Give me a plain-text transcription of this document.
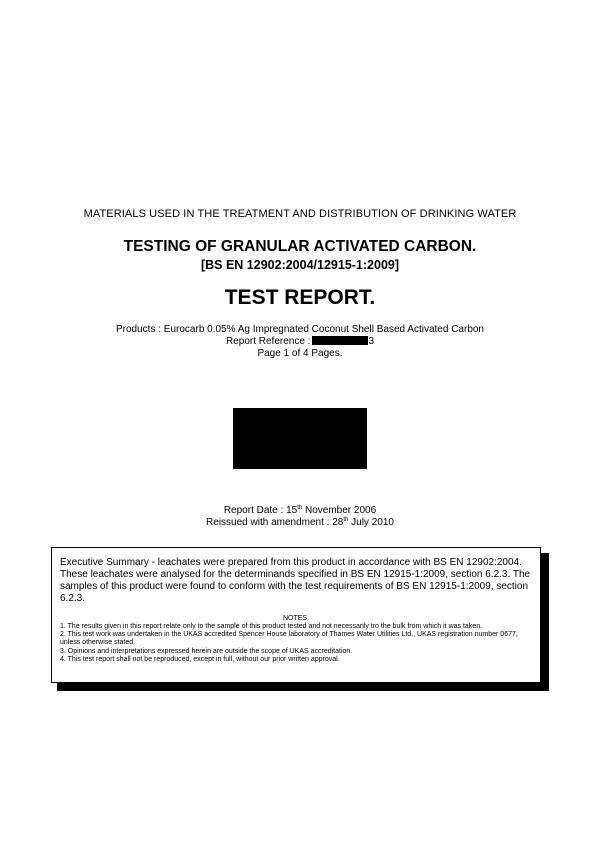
MATERIALS USED IN THE TREATMENT AND DISTRIBUTION OF DRINKING WATER
TESTING OF GRANULAR ACTIVATED CARBON.
[BS EN 12902:2004/12915-1:2009]
TEST REPORT.
Products : Eurocarb 0.05% Ag Impregnated Coconut Shell Based Activated Carbon
Report Reference :	3
Page 1 of 4 Pages.
Report Date : 15th November 2006
Reissued with amendment : 28th July 2010

Executive Summary - leachates were prepared from this product in accordance with BS EN 12902:2004. These leachates were analysed for the determinands specified in BS EN 12915-1:2009, section 6.2.3. The samples of this product were found to conform with the test requirements of BS EN 12915-1:2009, section 6.2.3.

NOTES.

1. The results given in this report relate only to the sample of this product tested and not necessarily tro the bulk from which it was taken.

2. This test work was undertaken in the UKAS accredited Spencer House laboratory of Thames Water Utilities Ltd., UKAS registration number 0677, unless otherwise stated.

3. Opinions and interpretations expressed herein are outside the scope of UKAS accreditation.

4. This test report shall not be reproduced, except in full, without our prior written approval.
